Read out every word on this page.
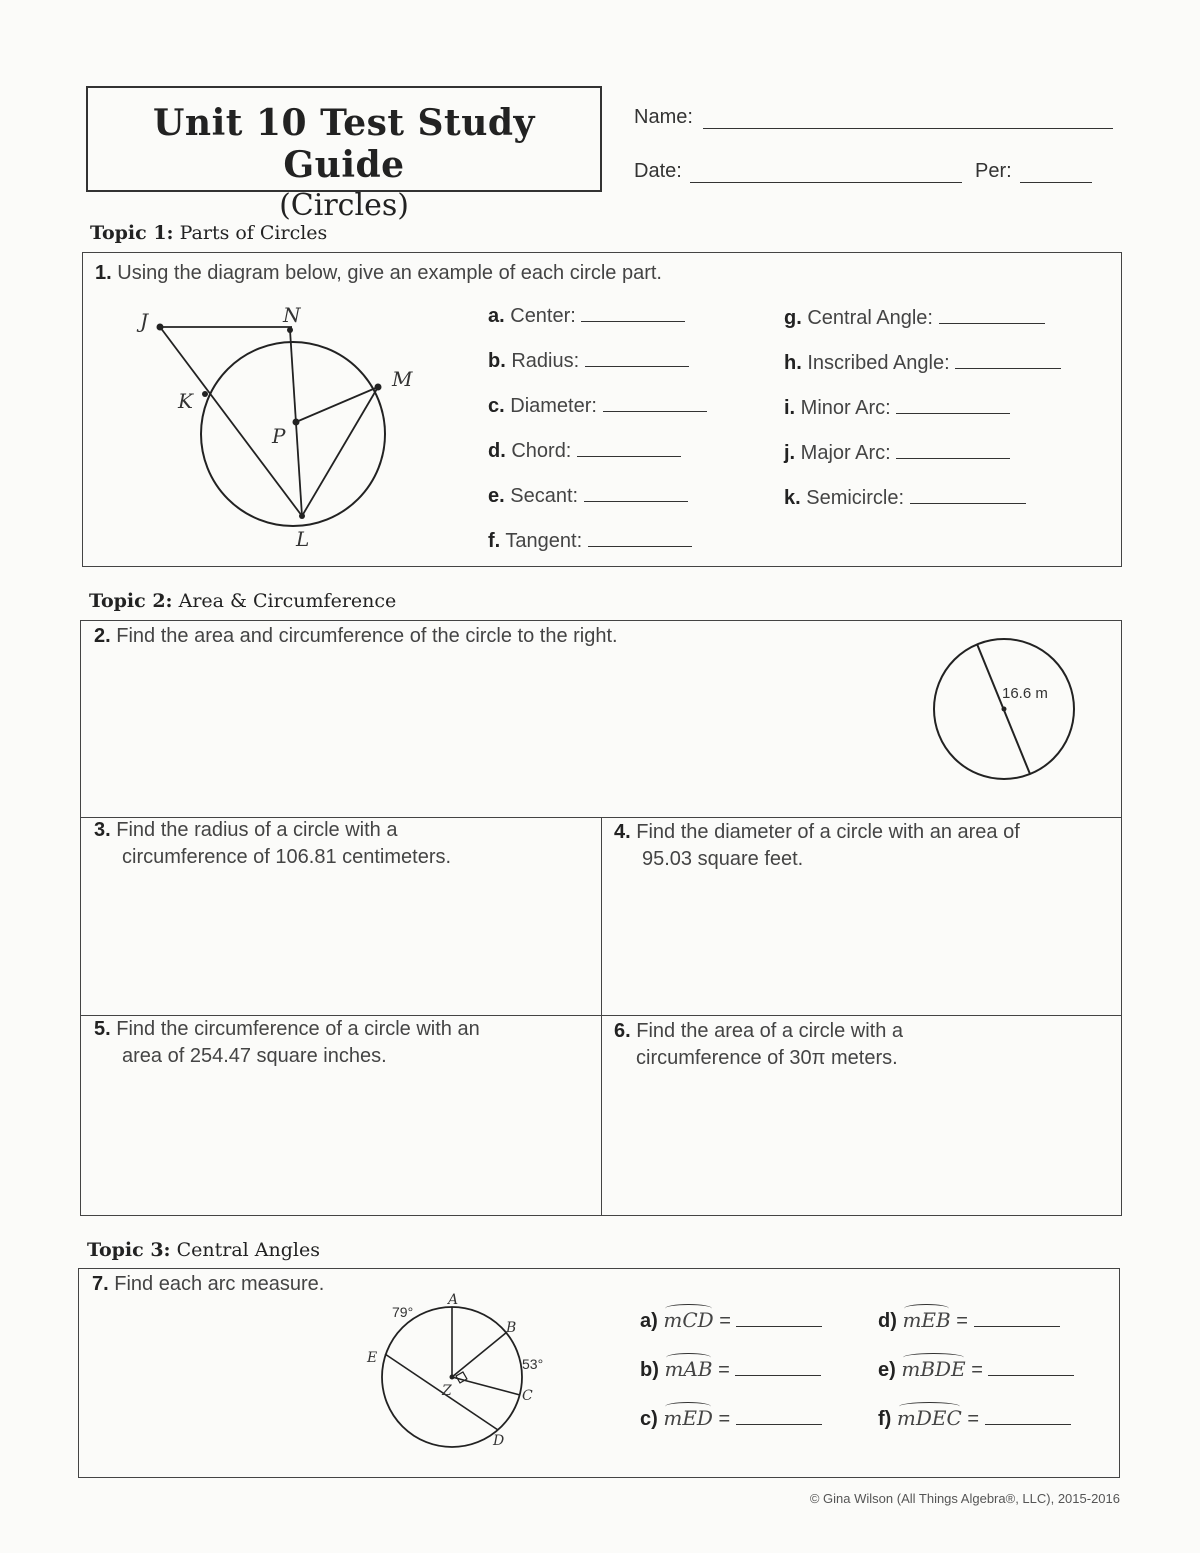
Unit 10 Test Study Guide
(Circles)
Name:
Date:	Per:
Topic 1: Parts of Circles
1. Using the diagram below, give an example of each circle part.
J	N
M
K
P
L
a. Center:
b. Radius:
c. Diameter:
d. Chord:
e. Secant:
f. Tangent:
g. Central Angle:
h. Inscribed Angle:
i. Minor Arc:
j. Major Arc:
k. Semicircle:
Topic 2: Area & Circumference
2. Find the area and circumference of the circle to the right.
16.6 m
3. Find the radius of a circle with a
circumference of 106.81 centimeters.
4. Find the diameter of a circle with an area of
95.03 square feet.
5. Find the circumference of a circle with an
area of 254.47 square inches.
6. Find the area of a circle with a
circumference of 30π meters.
Topic 3: Central Angles
7. Find each arc measure.
A
B
C
D
E
Z
79°
53°
a) mCD =
b) mAB =
c) mED =
d) mEB =
e) mBDE =
f) mDEC =
© Gina Wilson (All Things Algebra®, LLC), 2015-2016
